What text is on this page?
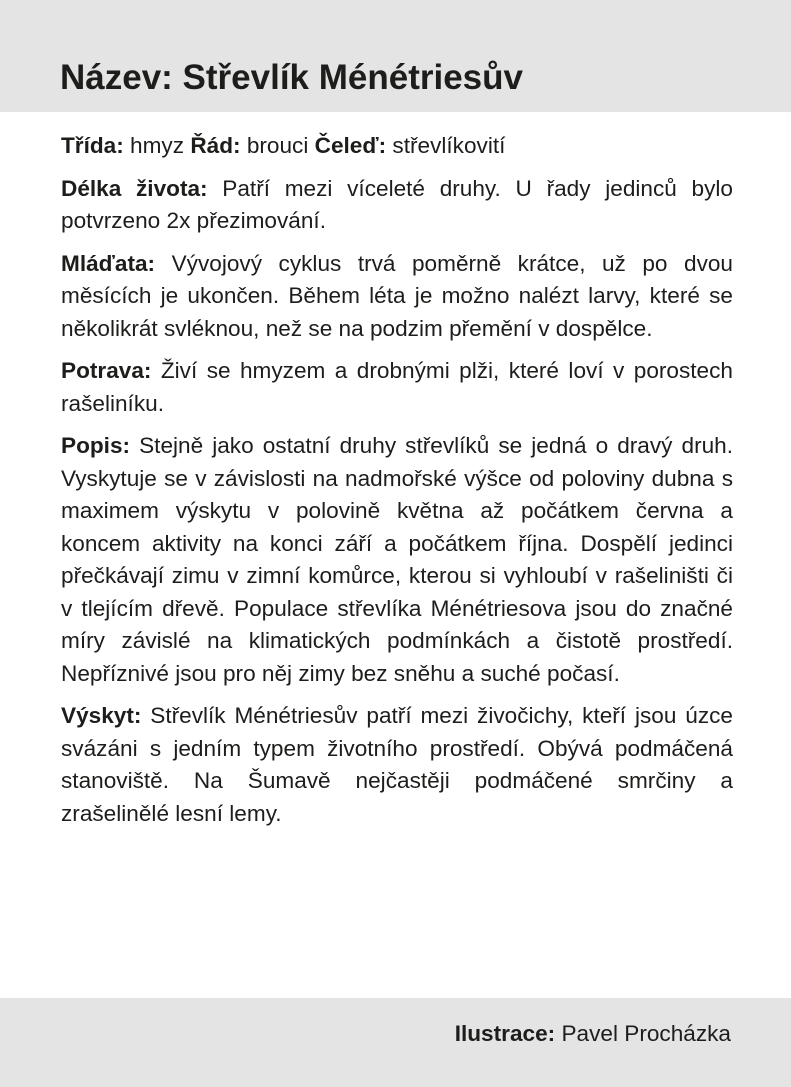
Název: Střevlík Ménétriesův

Třída: hmyz Řád: brouci Čeleď: střevlíkovití

Délka života: Patří mezi víceleté druhy. U řady jedinců bylo potvrzeno 2x přezimování.

Mláďata: Vývojový cyklus trvá poměrně krátce, už po dvou měsících je ukončen. Během léta je možno nalézt larvy, které se několikrát svléknou, než se na podzim přemění v dospělce.

Potrava: Živí se hmyzem a drobnými plži, které loví v porostech rašeliníku.

Popis: Stejně jako ostatní druhy střevlíků se jedná o dravý druh. Vyskytuje se v závislosti na nadmořské výšce od poloviny dubna s maximem výskytu v polovině května až počátkem června a koncem aktivity na konci září a počátkem října. Dospělí jedinci přečkávají zimu v zimní komůrce, kterou si vyhloubí v rašeliništi či v tlejícím dřevě. Populace střevlíka Ménétriesova jsou do značné míry závislé na klimatických podmínkách a čistotě prostředí. Nepříznivé jsou pro něj zimy bez sněhu a suché počasí.

Výskyt: Střevlík Ménétriesův patří mezi živočichy, kteří jsou úzce svázáni s jedním typem životního prostředí. Obývá podmáčená stanoviště. Na Šumavě nejčastěji podmáčené smrčiny a zrašelinělé lesní lemy.

Ilustrace: Pavel Procházka
